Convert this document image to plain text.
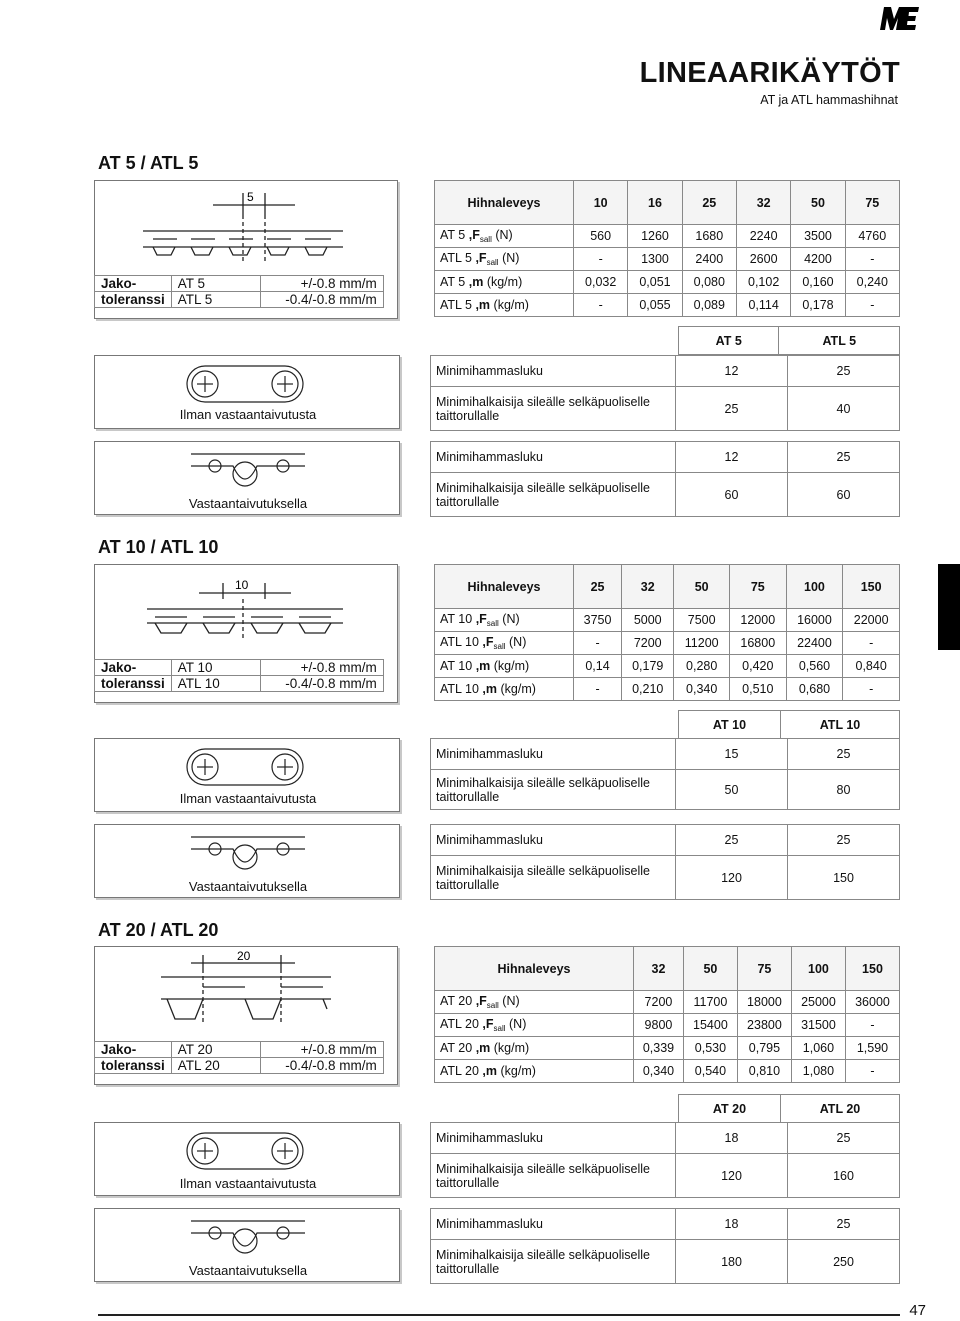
LINEAARIKÄYTÖT
AT ja ATL hammashihnat
AT 5 / ATL 5
5
Jako-	AT 5	+/-0.8 mm/m
toleranssi	ATL 5	-0.4/-0.8 mm/m
Hihnaleveys	10	16	25	32	50	75
AT 5 $,F_{sall}$ (N)	560	1260	1680	2240	3500	4760
ATL 5 $,F_{sall}$ (N)	-	1300	2400	2600	4200	-
AT 5 ,m (kg/m)	0,032	0,051	0,080	0,102	0,160	0,240
ATL 5 ,m (kg/m)	-	0,055	0,089	0,114	0,178	-
AT 5	ATL 5
Ilman vastaantaivutusta
Minimihammasluku	12	25
Minimihalkaisija sileälle selkäpuoliselle
taittorullalle	25	40
Vastaantaivutuksella
Minimihammasluku	12	25
Minimihalkaisija sileälle selkäpuoliselle
taittorullalle	60	60
AT 10 / ATL 10
10
Jako-	AT 10	+/-0.8 mm/m
toleranssi	ATL 10	-0.4/-0.8 mm/m
Hihnaleveys	25	32	50	75	100	150
AT 10 $,F_{sall}$ (N)	3750	5000	7500	12000	16000	22000
ATL 10 $,F_{sall}$ (N)	-	7200	11200	16800	22400	-
AT 10 ,m (kg/m)	0,14	0,179	0,280	0,420	0,560	0,840
ATL 10 ,m (kg/m)	-	0,210	0,340	0,510	0,680	-
AT 10	ATL 10
Ilman vastaantaivutusta
Minimihammasluku	15	25
Minimihalkaisija sileälle selkäpuoliselle
taittorullalle	50	80
Vastaantaivutuksella
Minimihammasluku	25	25
Minimihalkaisija sileälle selkäpuoliselle
taittorullalle	120	150
AT 20 / ATL 20
20
Jako-	AT 20	+/-0.8 mm/m
toleranssi	ATL 20	-0.4/-0.8 mm/m
Hihnaleveys	32	50	75	100	150
AT 20 $,F_{sall}$ (N)	7200	11700	18000	25000	36000
ATL 20 $,F_{sall}$ (N)	9800	15400	23800	31500	-
AT 20 ,m (kg/m)	0,339	0,530	0,795	1,060	1,590
ATL 20 ,m (kg/m)	0,340	0,540	0,810	1,080	-
AT 20	ATL 20
Ilman vastaantaivutusta
Minimihammasluku	18	25
Minimihalkaisija sileälle selkäpuoliselle
taittorullalle	120	160
Vastaantaivutuksella
Minimihammasluku	18	25
Minimihalkaisija sileälle selkäpuoliselle
taittorullalle	180	250
47
